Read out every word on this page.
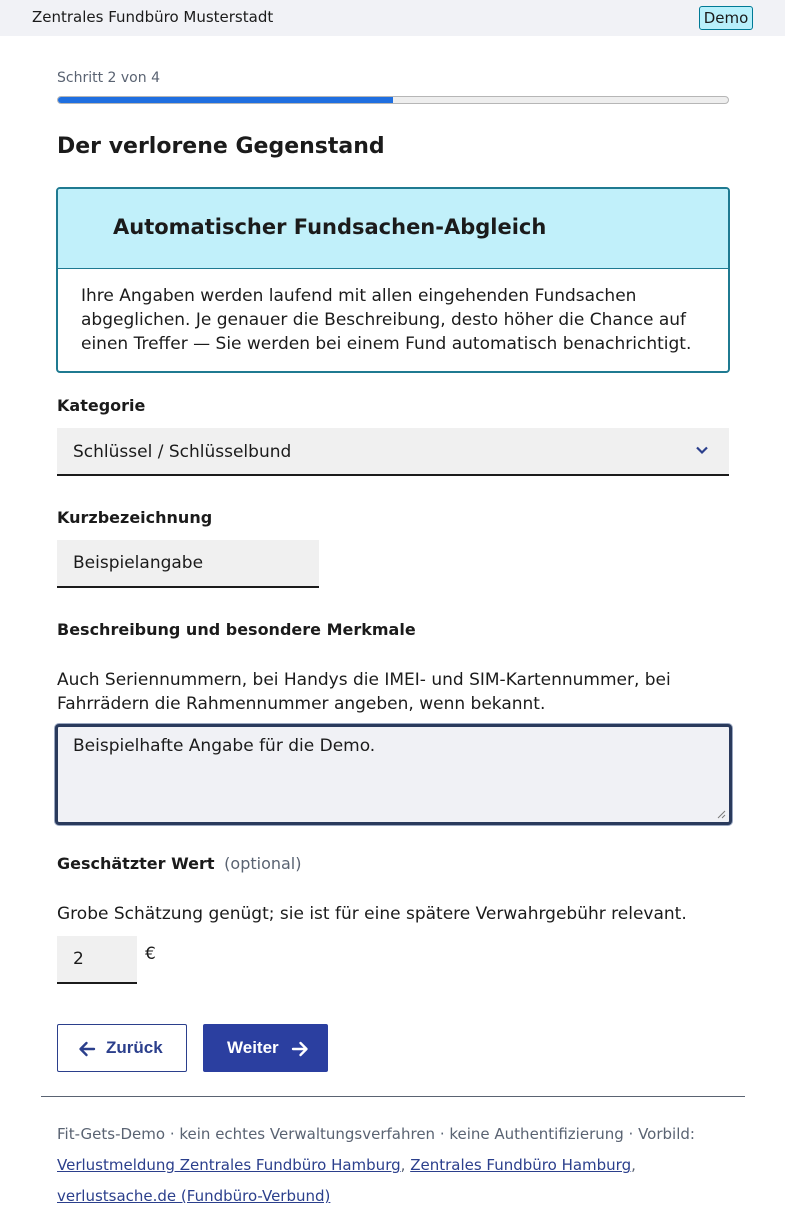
Zentrales Fundbüro Musterstadt	Demo
Schritt 2 von 4
Der verlorene Gegenstand
Automatischer Fundsachen-Abgleich
Ihre Angaben werden laufend mit allen eingehenden Fundsachen abgeglichen. Je genauer die Beschreibung, desto höher die Chance auf einen Treffer — Sie werden bei einem Fund automatisch benachrichtigt.
Kategorie
Schlüssel / Schlüsselbund
Kurzbezeichnung
Beispielangabe
Beschreibung und besondere Merkmale
Auch Seriennummern, bei Handys die IMEI- und SIM-Kartennummer, bei Fahrrädern die Rahmennummer angeben, wenn bekannt.
Beispielhafte Angabe für die Demo.
Geschätzter Wert (optional)
Grobe Schätzung genügt; sie ist für eine spätere Verwahrgebühr relevant.
2	€
Zurück	Weiter
Fit-Gets-Demo · kein echtes Verwaltungsverfahren · keine Authentifizierung · Vorbild:
Verlustmeldung Zentrales Fundbüro Hamburg, Zentrales Fundbüro Hamburg,
verlustsache.de (Fundbüro-Verbund)
